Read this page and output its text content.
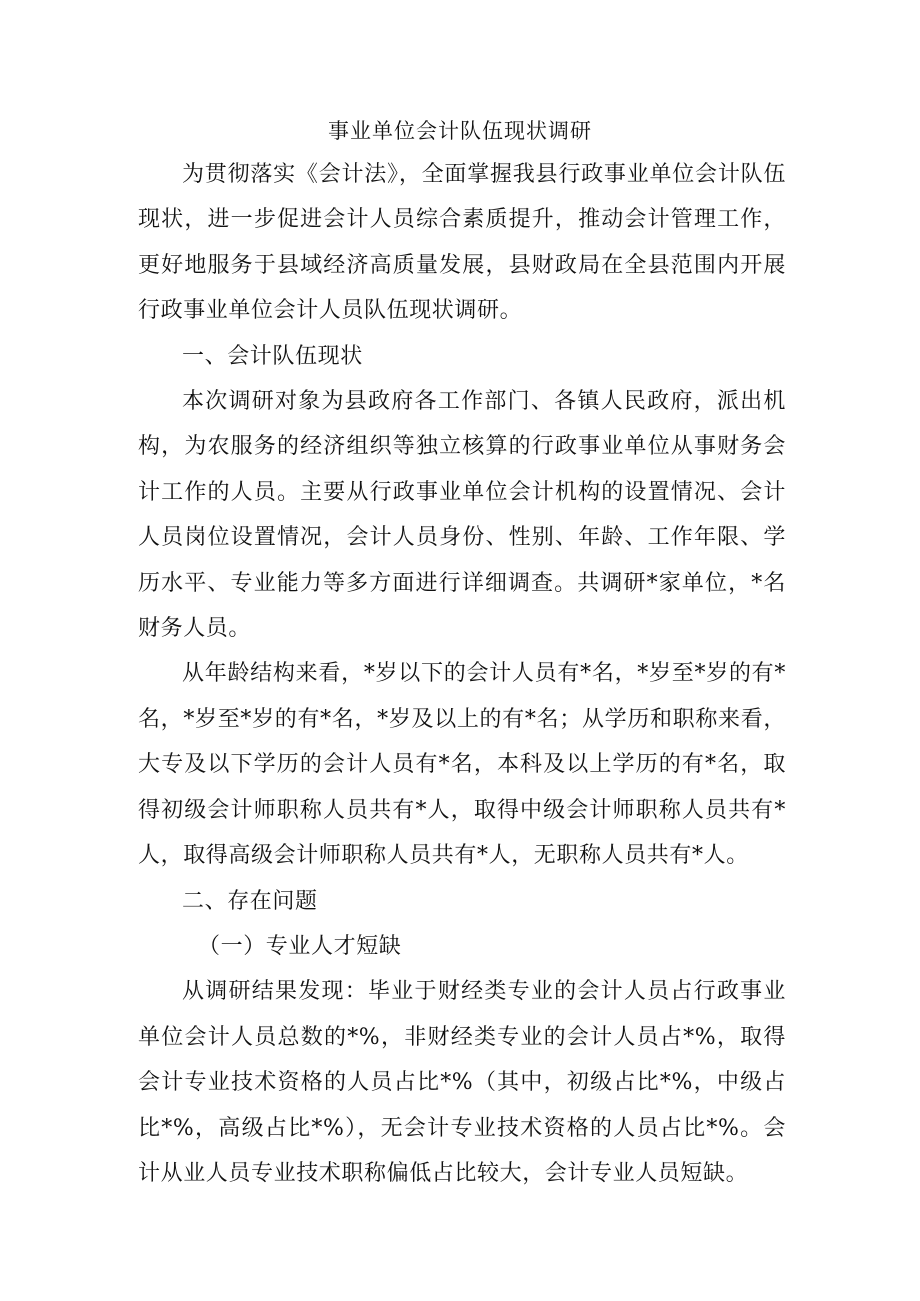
事业单位会计队伍现状调研

为贯彻落实《会计法》，全面掌握我县行政事业单位会计队伍现状，进一步促进会计人员综合素质提升，推动会计管理工作，更好地服务于县域经济高质量发展，县财政局在全县范围内开展行政事业单位会计人员队伍现状调研。

一、会计队伍现状

本次调研对象为县政府各工作部门、各镇人民政府，派出机构，为农服务的经济组织等独立核算的行政事业单位从事财务会计工作的人员。主要从行政事业单位会计机构的设置情况、会计人员岗位设置情况，会计人员身份、性别、年龄、工作年限、学历水平、专业能力等多方面进行详细调查。共调研*家单位，*名财务人员。

从年龄结构来看，*岁以下的会计人员有*名，*岁至*岁的有*名，*岁至*岁的有*名，*岁及以上的有*名；从学历和职称来看，大专及以下学历的会计人员有*名，本科及以上学历的有*名，取得初级会计师职称人员共有*人，取得中级会计师职称人员共有*人，取得高级会计师职称人员共有*人，无职称人员共有*人。

二、存在问题

（一）专业人才短缺

从调研结果发现：毕业于财经类专业的会计人员占行政事业单位会计人员总数的*%，非财经类专业的会计人员占*%，取得会计专业技术资格的人员占比*%（其中，初级占比*%，中级占比*%，高级占比*%），无会计专业技术资格的人员占比*%。会计从业人员专业技术职称偏低占比较大，会计专业人员短缺。
